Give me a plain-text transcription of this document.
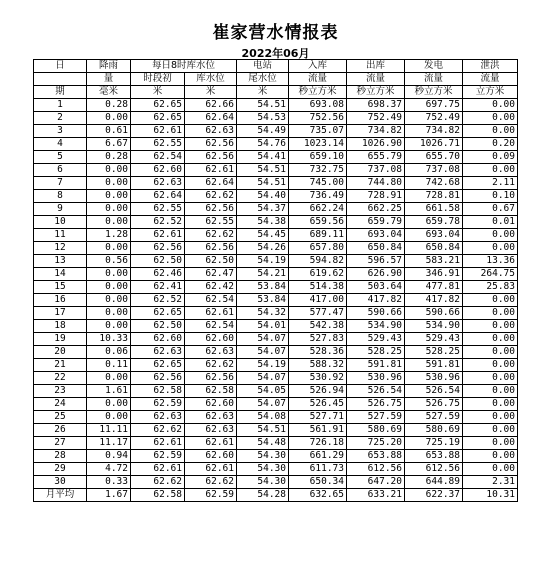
崔家营水情报表
2022年06月
日	降雨	每日8时库水位		电站	入库	出库	发电	泄洪
	量	时段初	库水位	尾水位	流量	流量	流量	流量
期	毫米	米	米	米	秒立方米	秒立方米	秒立方米	立方米
1	0.28	62.65	62.66	54.51	693.08	698.37	697.75	0.00
2	0.00	62.65	62.64	54.53	752.56	752.49	752.49	0.00
3	0.61	62.61	62.63	54.49	735.07	734.82	734.82	0.00
4	6.67	62.55	62.56	54.76	1023.14	1026.90	1026.71	0.20
5	0.28	62.54	62.56	54.41	659.10	655.79	655.70	0.09
6	0.00	62.60	62.61	54.51	732.75	737.08	737.08	0.00
7	0.00	62.63	62.64	54.51	745.00	744.80	742.68	2.11
8	0.00	62.64	62.62	54.40	736.49	728.91	728.81	0.10
9	0.00	62.55	62.56	54.37	662.24	662.25	661.58	0.67
10	0.00	62.52	62.55	54.38	659.56	659.79	659.78	0.01
11	1.28	62.61	62.62	54.45	689.11	693.04	693.04	0.00
12	0.00	62.56	62.56	54.26	657.80	650.84	650.84	0.00
13	0.56	62.50	62.50	54.19	594.82	596.57	583.21	13.36
14	0.00	62.46	62.47	54.21	619.62	626.90	346.91	264.75
15	0.00	62.41	62.42	53.84	514.38	503.64	477.81	25.83
16	0.00	62.52	62.54	53.84	417.00	417.82	417.82	0.00
17	0.00	62.65	62.61	54.32	577.47	590.66	590.66	0.00
18	0.00	62.50	62.54	54.01	542.38	534.90	534.90	0.00
19	10.33	62.60	62.60	54.07	527.83	529.43	529.43	0.00
20	0.06	62.63	62.63	54.07	528.36	528.25	528.25	0.00
21	0.11	62.65	62.62	54.19	588.32	591.81	591.81	0.00
22	0.00	62.56	62.56	54.07	530.92	530.96	530.96	0.00
23	1.61	62.58	62.58	54.05	526.94	526.54	526.54	0.00
24	0.00	62.59	62.60	54.07	526.45	526.75	526.75	0.00
25	0.00	62.63	62.63	54.08	527.71	527.59	527.59	0.00
26	11.11	62.62	62.63	54.51	561.91	580.69	580.69	0.00
27	11.17	62.61	62.61	54.48	726.18	725.20	725.19	0.00
28	0.94	62.59	62.60	54.30	661.29	653.88	653.88	0.00
29	4.72	62.61	62.61	54.30	611.73	612.56	612.56	0.00
30	0.33	62.62	62.62	54.30	650.34	647.20	644.89	2.31
月平均	1.67	62.58	62.59	54.28	632.65	633.21	622.37	10.31
